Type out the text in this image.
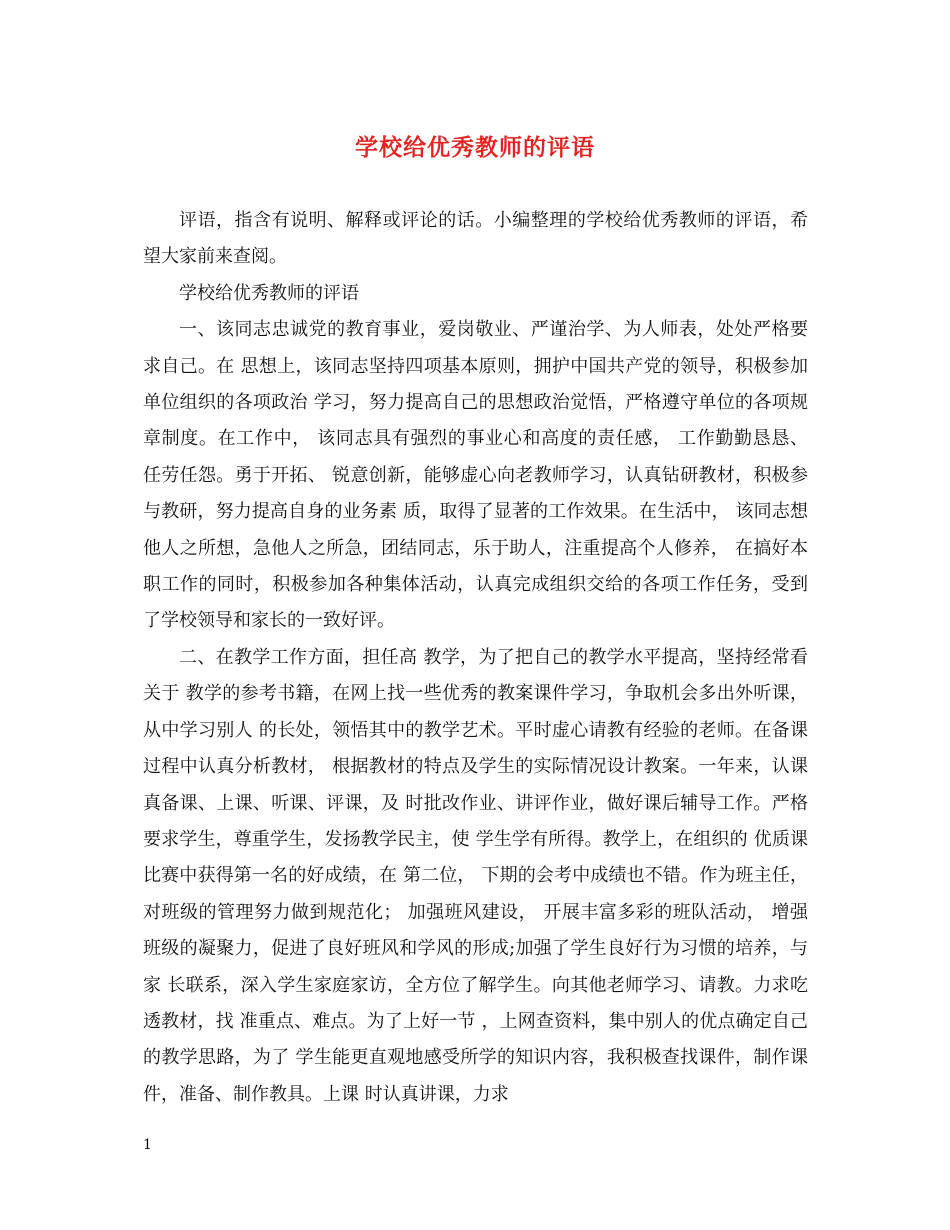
学校给优秀教师的评语

评语，指含有说明、解释或评论的话。小编整理的学校给优秀教师的评语，希望大家前来查阅。

学校给优秀教师的评语

一、该同志忠诚党的教育事业，爱岗敬业、严谨治学、为人师表，处处严格要求自己。在 思想上，该同志坚持四项基本原则，拥护中国共产党的领导，积极参加单位组织的各项政治 学习，努力提高自己的思想政治觉悟，严格遵守单位的各项规章制度。在工作中， 该同志具有强烈的事业心和高度的责任感， 工作勤勤恳恳、 任劳任怨。勇于开拓、 锐意创新，能够虚心向老教师学习，认真钻研教材，积极参与教研，努力提高自身的业务素 质，取得了显著的工作效果。在生活中， 该同志想他人之所想，急他人之所急，团结同志，乐于助人，注重提高个人修养， 在搞好本职工作的同时，积极参加各种集体活动，认真完成组织交给的各项工作任务，受到 了学校领导和家长的一致好评。

二、在教学工作方面，担任高 教学，为了把自己的教学水平提高，坚持经常看关于 教学的参考书籍，在网上找一些优秀的教案课件学习，争取机会多出外听课，从中学习别人 的长处，领悟其中的教学艺术。平时虚心请教有经验的老师。在备课过程中认真分析教材， 根据教材的特点及学生的实际情况设计教案。一年来，认课真备课、上课、听课、评课，及 时批改作业、讲评作业，做好课后辅导工作。严格要求学生，尊重学生，发扬教学民主，使 学生学有所得。教学上，在组织的 优质课比赛中获得第一名的好成绩，在 第二位， 下期的会考中成绩也不错。作为班主任， 对班级的管理努力做到规范化； 加强班风建设， 开展丰富多彩的班队活动， 增强班级的凝聚力，促进了良好班风和学风的形成;加强了学生良好行为习惯的培养，与家 长联系，深入学生家庭家访，全方位了解学生。向其他老师学习、请教。力求吃透教材，找 准重点、难点。为了上好一节 ，上网查资料，集中别人的优点确定自己的教学思路，为了 学生能更直观地感受所学的知识内容，我积极查找课件，制作课件，准备、制作教具。上课 时认真讲课，力求

1
